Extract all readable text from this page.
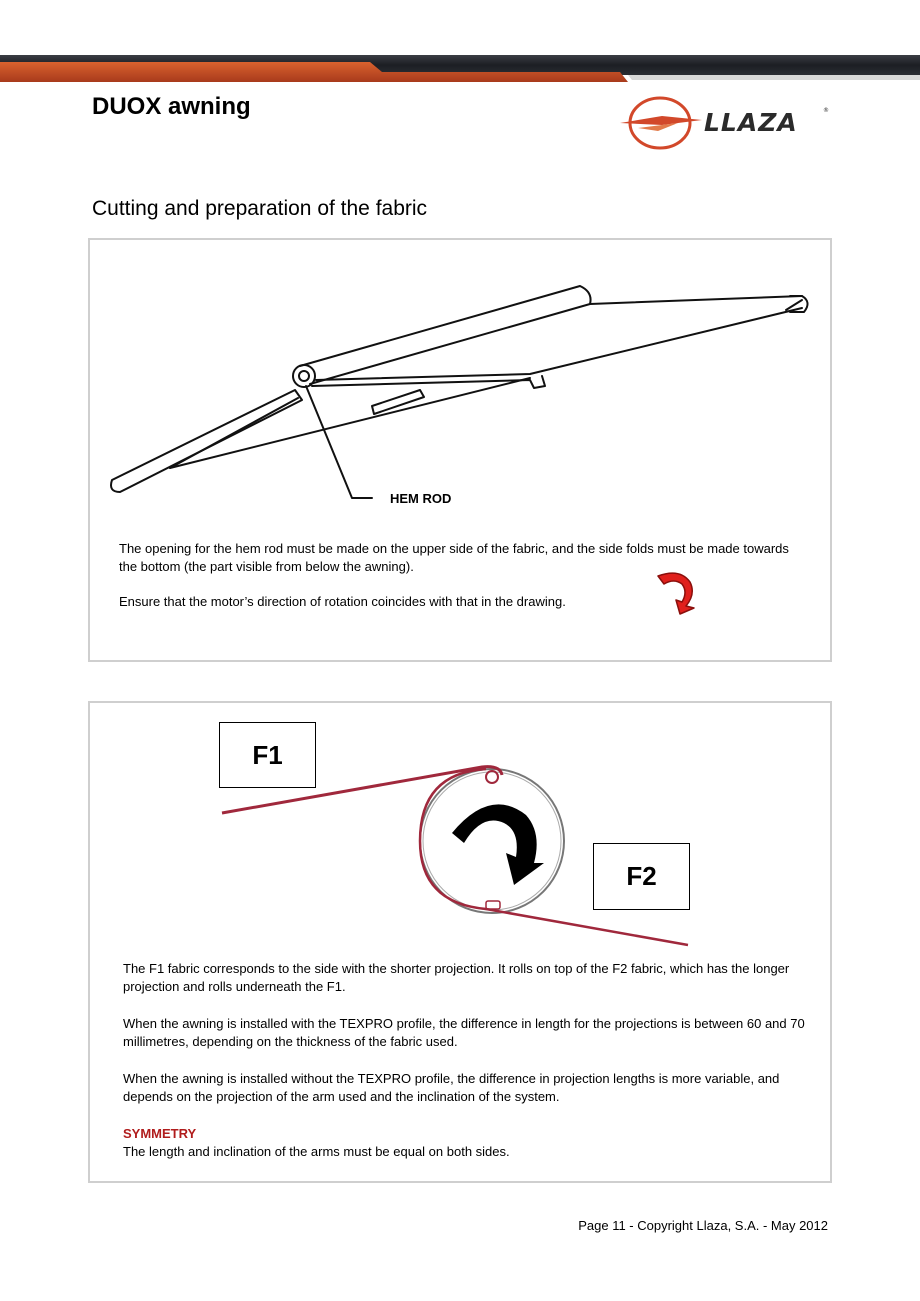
DUOX awning
LLAZA	®
Cutting and preparation of the fabric
HEM ROD
The opening for the hem rod must be made on the upper side of the fabric, and the side folds must be made towards the bottom (the part visible from below the awning).
Ensure that the motor’s direction of rotation coincides with that in the drawing.
F1
F2
The F1 fabric corresponds to the side with the shorter projection. It rolls on top of the F2 fabric, which has the longer projection and rolls underneath the F1.
When the awning is installed with the TEXPRO profile, the difference in length for the projections is between 60 and 70 millimetres, depending on the thickness of the fabric used.
When the awning is installed without the TEXPRO profile, the difference in projection lengths is more variable, and depends on the projection of the arm used and the inclination of the system.
SYMMETRY
The length and inclination of the arms must be equal on both sides.
Page 11 - Copyright Llaza, S.A. - May 2012
